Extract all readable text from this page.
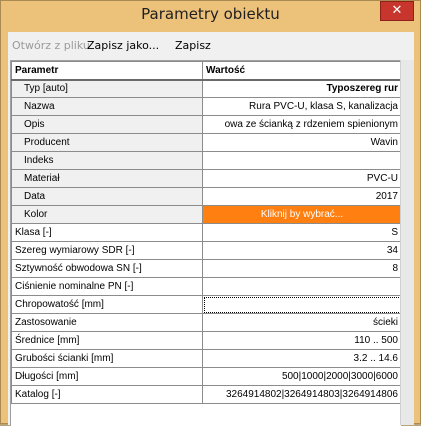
Parametry obiektu	✕
Otwórz z pliku
Zapisz jako... Zapisz
Parametr	Wartość
Typ [auto]	Typoszereg rur
Nazwa	Rura PVC-U, klasa S, kanalizacja
Opis	owa ze ścianką z rdzeniem spienionym
Producent	Wavin
Indeks	
Materiał	PVC-U
Data	2017
Kolor	Kliknij by wybrać...
Klasa [-]	S
Szereg wymiarowy SDR [-]	34
Sztywność obwodowa SN [-]	8
Ciśnienie nominalne PN [-]	
Chropowatość [mm]	
Zastosowanie	ścieki
Średnice [mm]	110 .. 500
Grubości ścianki [mm]	3.2 .. 14.6
Długości [mm]	500|1000|2000|3000|6000
Katalog [-]	3264914802|3264914803|3264914806
